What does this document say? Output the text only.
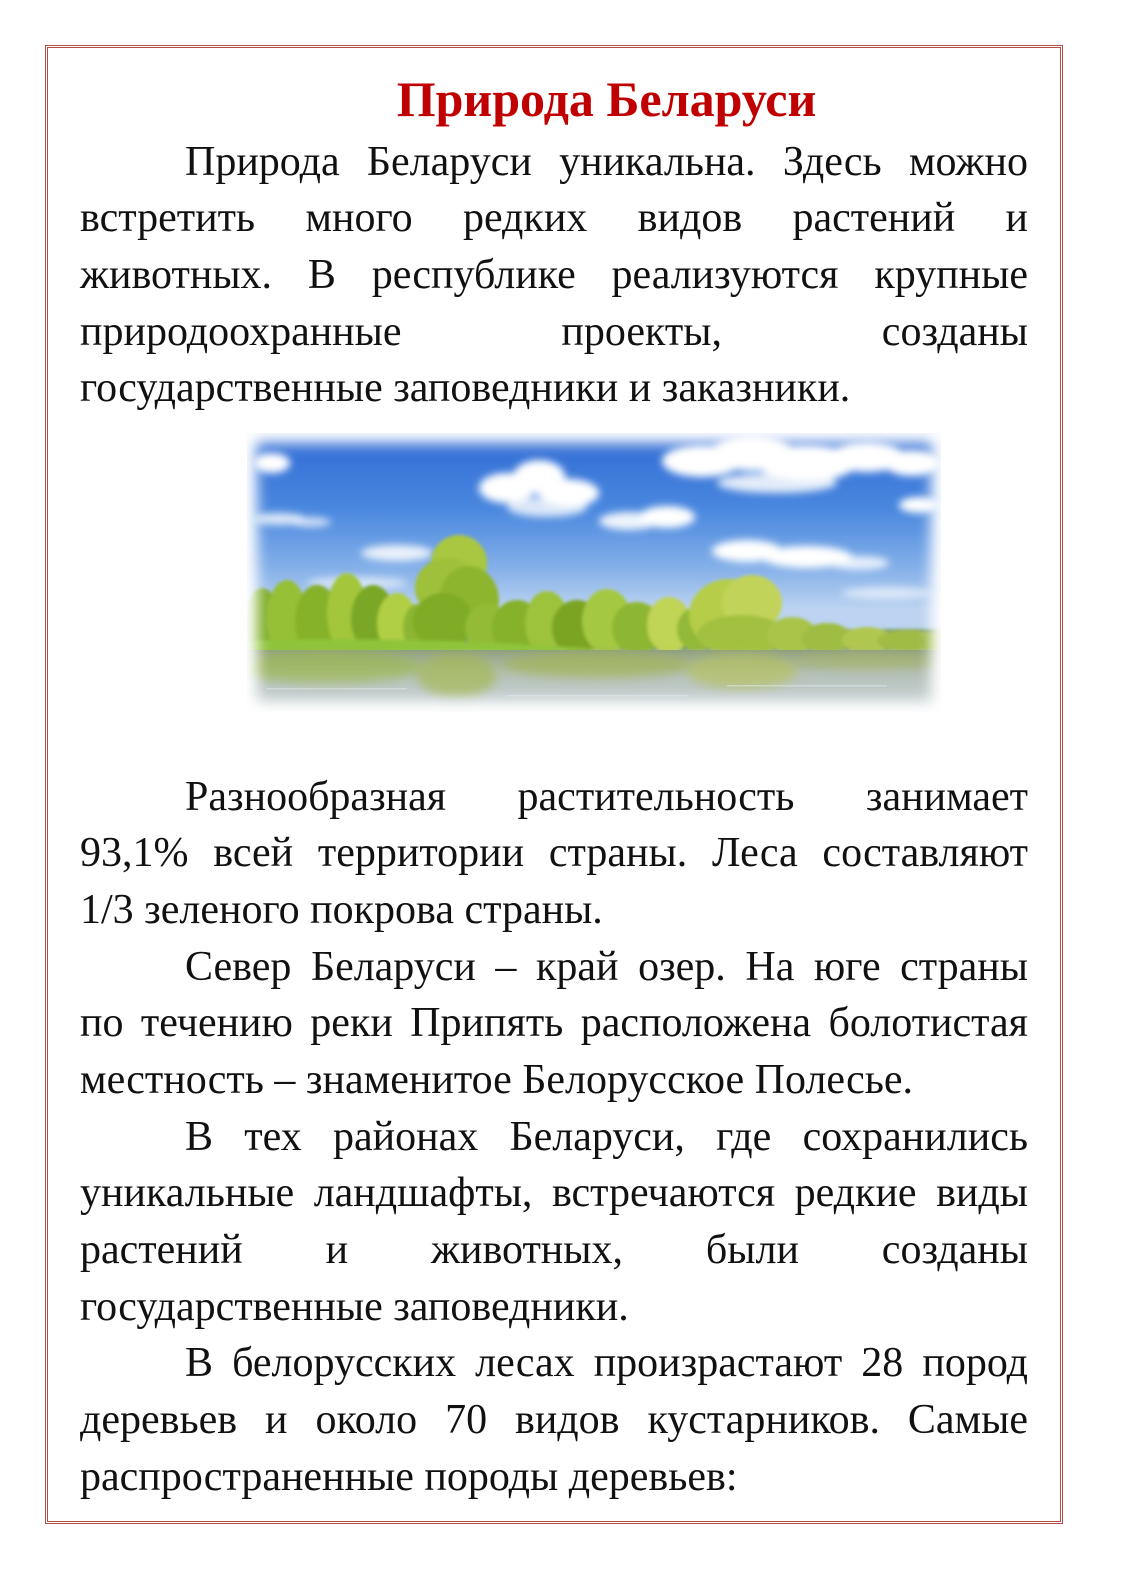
Природа Беларуси
Природа Беларуси уникальна. Здесь можно
встретить много редких видов растений и
животных. В республике реализуются крупные
природоохранные проекты, созданы
государственные заповедники и заказники.
Разнообразная растительность занимает
93,1% всей территории страны. Леса составляют
1/3 зеленого покрова страны.
Север Беларуси – край озер. На юге страны
по течению реки Припять расположена болотистая
местность – знаменитое Белорусское Полесье.
В тех районах Беларуси, где сохранились
уникальные ландшафты, встречаются редкие виды
растений и животных, были созданы
государственные заповедники.
В белорусских лесах произрастают 28 пород
деревьев и около 70 видов кустарников. Самые
распространенные породы деревьев:
